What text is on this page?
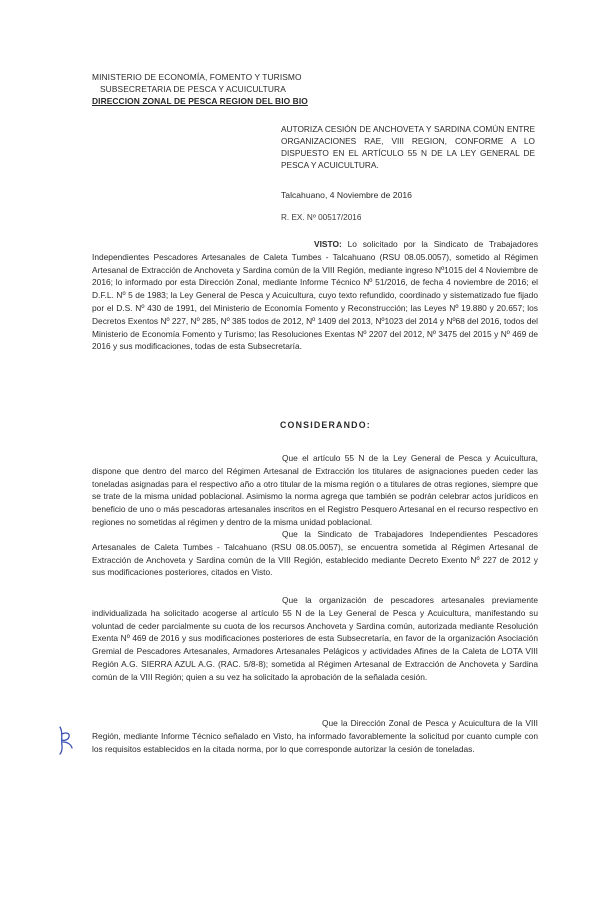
MINISTERIO DE ECONOMÍA, FOMENTO Y TURISMO
SUBSECRETARIA DE PESCA Y ACUICULTURA
DIRECCION ZONAL DE PESCA REGION DEL BIO BIO
AUTORIZA CESIÓN DE ANCHOVETA Y SARDINA COMÚN ENTRE ORGANIZACIONES RAE, VIII REGION, CONFORME A LO DISPUESTO EN EL ARTÍCULO 55 N DE LA LEY GENERAL DE PESCA Y ACUICULTURA.
Talcahuano, 4 Noviembre de 2016
R. EX. Nº 00517/2016
VISTO: Lo solicitado por la Sindicato de Trabajadores Independientes Pescadores Artesanales de Caleta Tumbes - Talcahuano (RSU 08.05.0057), sometido al Régimen Artesanal de Extracción de Anchoveta y Sardina común de la VIII Región, mediante ingreso Nº1015 del 4 Noviembre de 2016; lo informado por esta Dirección Zonal, mediante Informe Técnico Nº 51/2016, de fecha 4 noviembre de 2016; el D.F.L. Nº 5 de 1983; la Ley General de Pesca y Acuicultura, cuyo texto refundido, coordinado y sistematizado fue fijado por el D.S. Nº 430 de 1991, del Ministerio de Economía Fomento y Reconstrucción; las Leyes Nº 19.880 y 20.657; los Decretos Exentos Nº 227, Nº 285, Nº 385 todos de 2012, Nº 1409 del 2013, Nº1023 del 2014 y Nº68 del 2016, todos del Ministerio de Economía Fomento y Turismo; las Resoluciones Exentas Nº 2207 del 2012, Nº 3475 del 2015 y Nº 469 de 2016 y sus modificaciones, todas de esta Subsecretaría.
CONSIDERANDO:
Que el artículo 55 N de la Ley General de Pesca y Acuicultura, dispone que dentro del marco del Régimen Artesanal de Extracción los titulares de asignaciones pueden ceder las toneladas asignadas para el respectivo año a otro titular de la misma región o a titulares de otras regiones, siempre que se trate de la misma unidad poblacional. Asimismo la norma agrega que también se podrán celebrar actos jurídicos en beneficio de uno o más pescadoras artesanales inscritos en el Registro Pesquero Artesanal en el recurso respectivo en regiones no sometidas al régimen y dentro de la misma unidad poblacional.
Que la Sindicato de Trabajadores Independientes Pescadores Artesanales de Caleta Tumbes - Talcahuano (RSU 08.05.0057), se encuentra sometida al Régimen Artesanal de Extracción de Anchoveta y Sardina común de la VIII Región, establecido mediante Decreto Exento Nº 227 de 2012 y sus modificaciones posteriores, citados en Visto.
Que la organización de pescadores artesanales previamente individualizada ha solicitado acogerse al artículo 55 N de la Ley General de Pesca y Acuicultura, manifestando su voluntad de ceder parcialmente su cuota de los recursos Anchoveta y Sardina común, autorizada mediante Resolución Exenta Nº 469 de 2016 y sus modificaciones posteriores de esta Subsecretaría, en favor de la organización Asociación Gremial de Pescadores Artesanales, Armadores Artesanales Pelágicos y actividades Afines de la Caleta de LOTA VIII Región A.G. SIERRA AZUL A.G. (RAC. 5/8-8); sometida al Régimen Artesanal de Extracción de Anchoveta y Sardina común de la VIII Región; quien a su vez ha solicitado la aprobación de la señalada cesión.
Que la Dirección Zonal de Pesca y Acuicultura de la VIII Región, mediante Informe Técnico señalado en Visto, ha informado favorablemente la solicitud por cuanto cumple con los requisitos establecidos en la citada norma, por lo que corresponde autorizar la cesión de toneladas.
